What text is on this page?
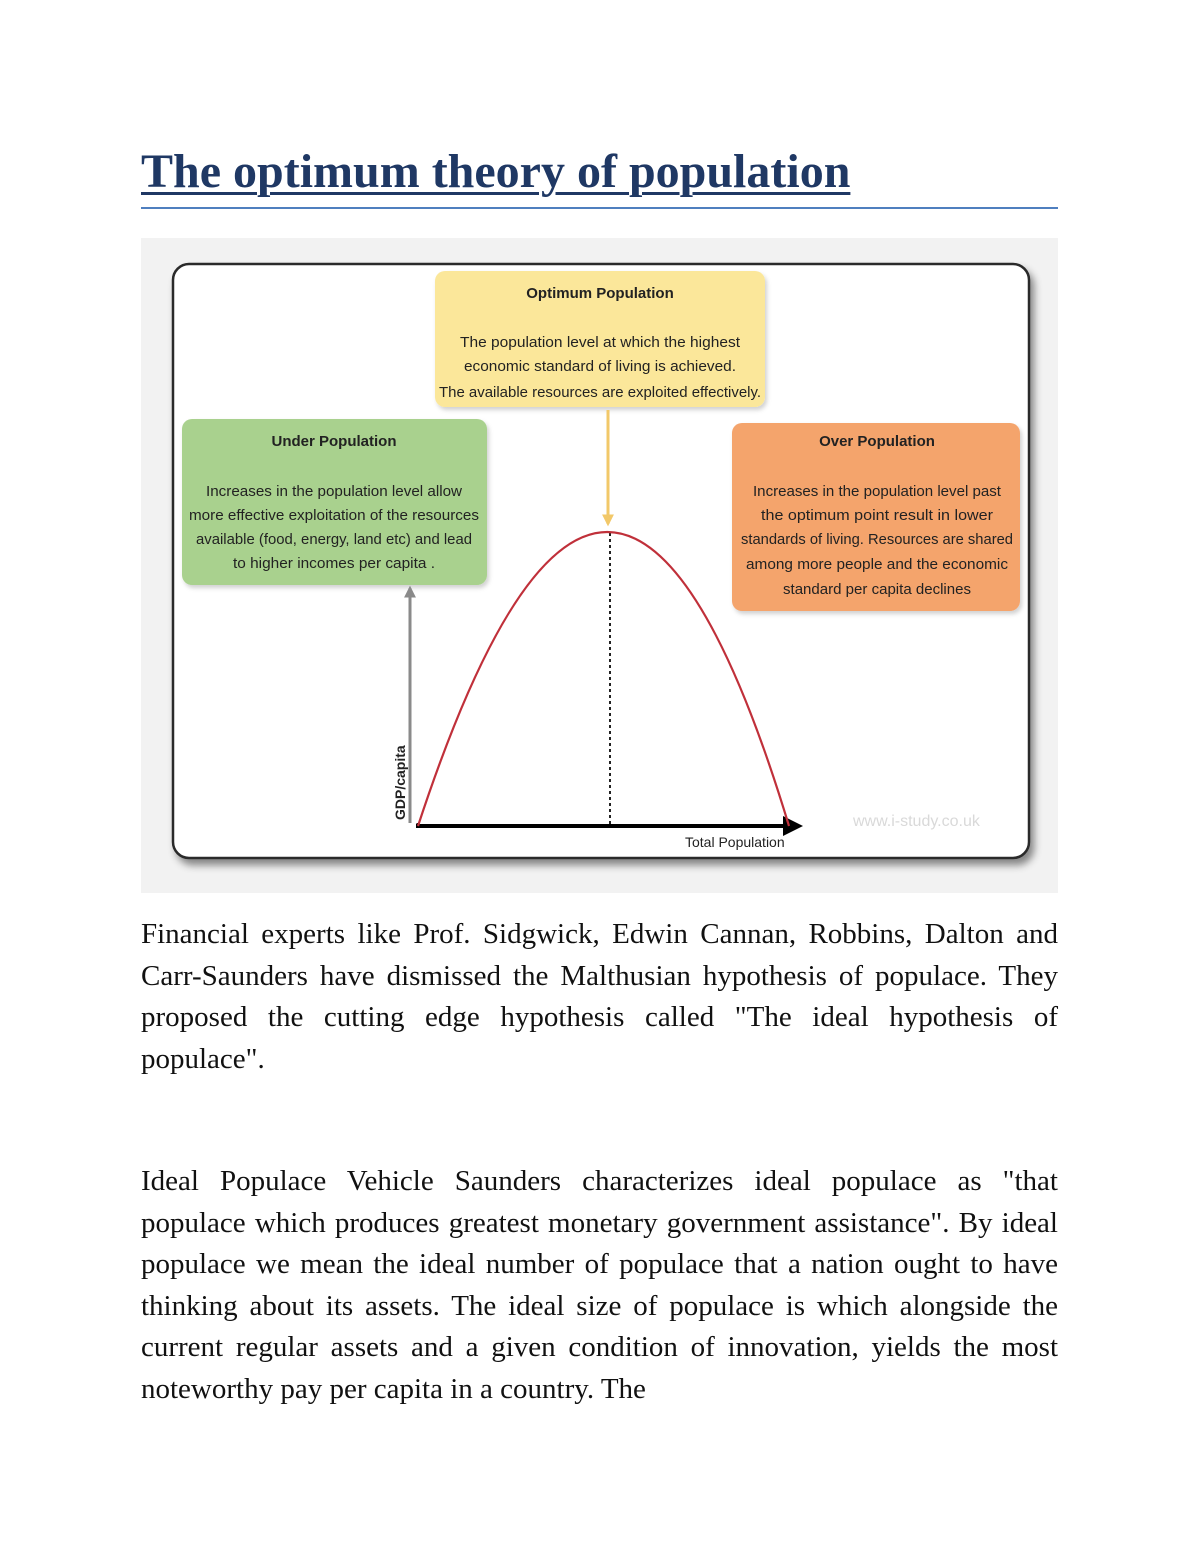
The optimum theory of population
Optimum Population
The population level at which the highest
economic standard of living is achieved.
The available resources are exploited effectively.
Under Population
Increases in the population level allow
more effective exploitation of the resources
available (food, energy, land etc) and lead
to higher incomes per capita .
Over Population
Increases in the population level past
the optimum point result in lower
standards of living. Resources are shared
among more people and the economic
standard per capita declines
GDP/capita
Total Population
www.i-study.co.uk

Financial experts like Prof. Sidgwick, Edwin Cannan, Robbins, Dalton and Carr-Saunders have dismissed the Malthusian hypothesis of populace. They proposed the cutting edge hypothesis called "The ideal hypothesis of populace".

Ideal Populace Vehicle Saunders characterizes ideal populace as "that populace which produces greatest monetary government assistance". By ideal populace we mean the ideal number of populace that a nation ought to have thinking about its assets. The ideal size of populace is which alongside the current regular assets and a given condition of innovation, yields the most noteworthy pay per capita in a country. The
